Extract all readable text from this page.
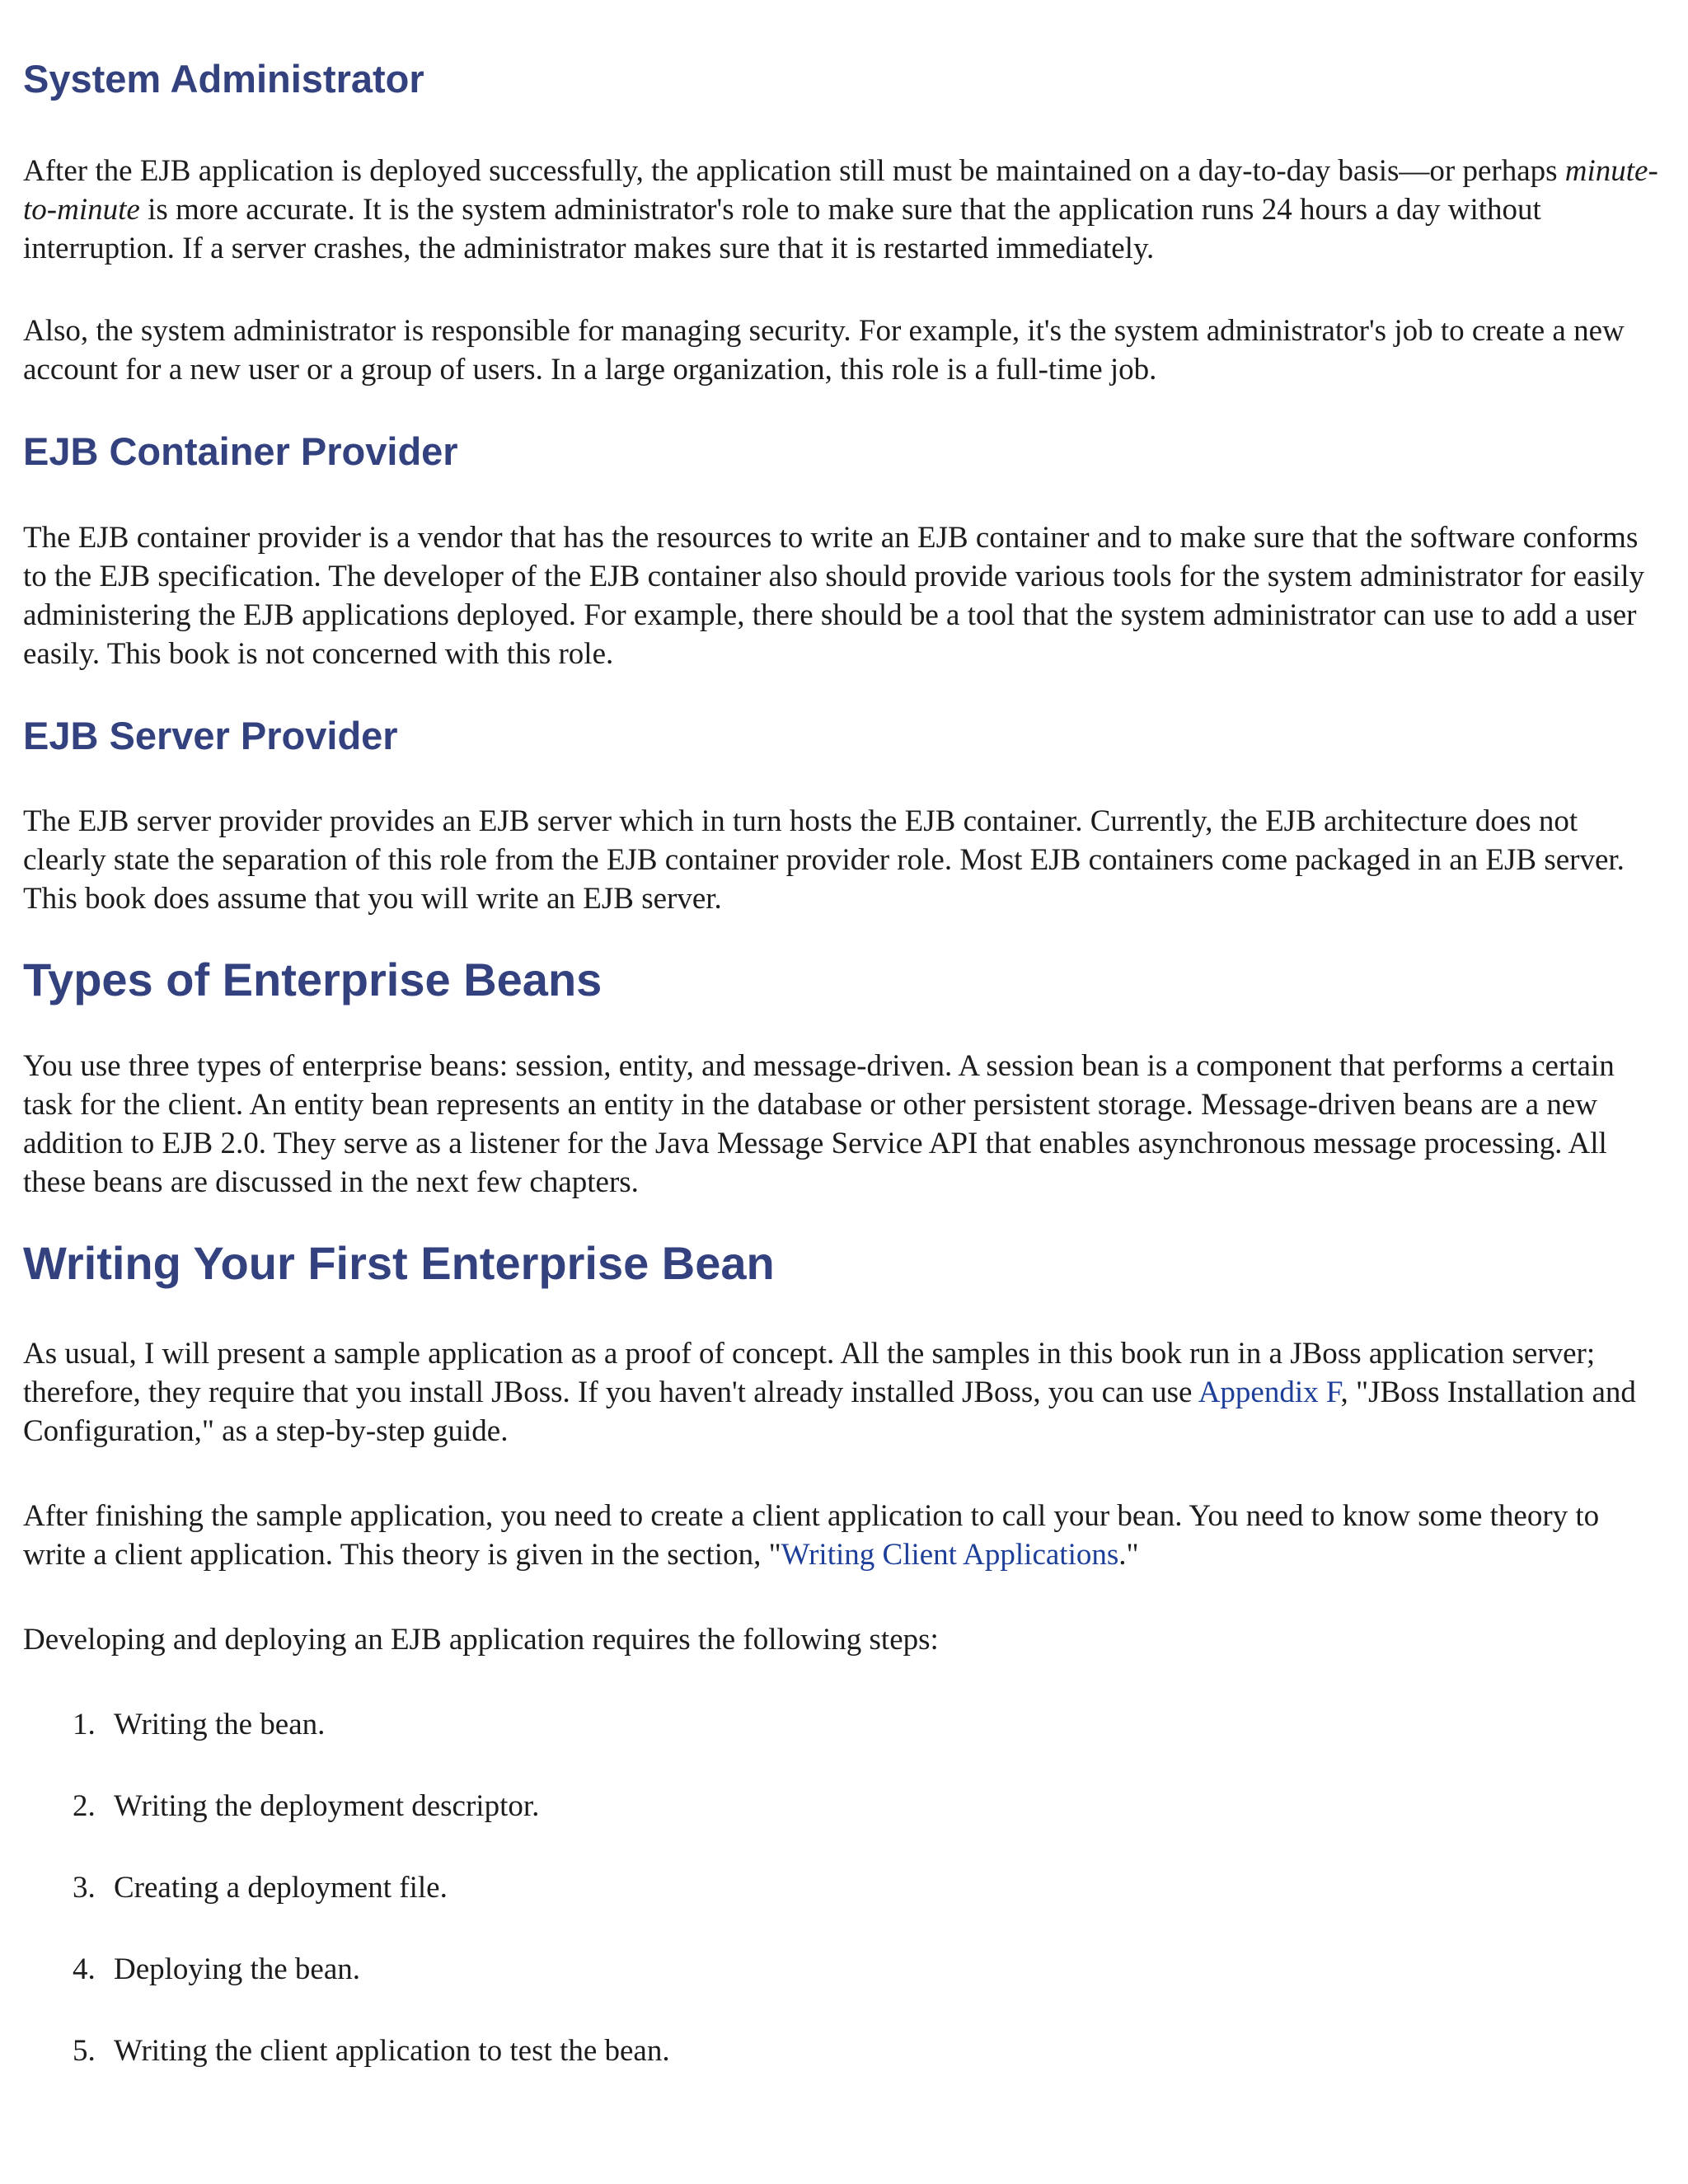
System Administrator

After the EJB application is deployed successfully, the application still must be maintained on a day-to-day basis—or perhaps minute-to-minute is more accurate. It is the system administrator's role to make sure that the application runs 24 hours a day without interruption. If a server crashes, the administrator makes sure that it is restarted immediately.

Also, the system administrator is responsible for managing security. For example, it's the system administrator's job to create a new account for a new user or a group of users. In a large organization, this role is a full-time job.

EJB Container Provider

The EJB container provider is a vendor that has the resources to write an EJB container and to make sure that the software conforms to the EJB specification. The developer of the EJB container also should provide various tools for the system administrator for easily administering the EJB applications deployed. For example, there should be a tool that the system administrator can use to add a user easily. This book is not concerned with this role.

EJB Server Provider

The EJB server provider provides an EJB server which in turn hosts the EJB container. Currently, the EJB architecture does not clearly state the separation of this role from the EJB container provider role. Most EJB containers come packaged in an EJB server. This book does assume that you will write an EJB server.

Types of Enterprise Beans

You use three types of enterprise beans: session, entity, and message-driven. A session bean is a component that performs a certain task for the client. An entity bean represents an entity in the database or other persistent storage. Message-driven beans are a new addition to EJB 2.0. They serve as a listener for the Java Message Service API that enables asynchronous message processing. All these beans are discussed in the next few chapters.

Writing Your First Enterprise Bean

As usual, I will present a sample application as a proof of concept. All the samples in this book run in a JBoss application server; therefore, they require that you install JBoss. If you haven't already installed JBoss, you can use Appendix F, "JBoss Installation and Configuration," as a step-by-step guide.

After finishing the sample application, you need to create a client application to call your bean. You need to know some theory to write a client application. This theory is given in the section, "Writing Client Applications."

Developing and deploying an EJB application requires the following steps:

1. Writing the bean.
2. Writing the deployment descriptor.
3. Creating a deployment file.
4. Deploying the bean.
5. Writing the client application to test the bean.
